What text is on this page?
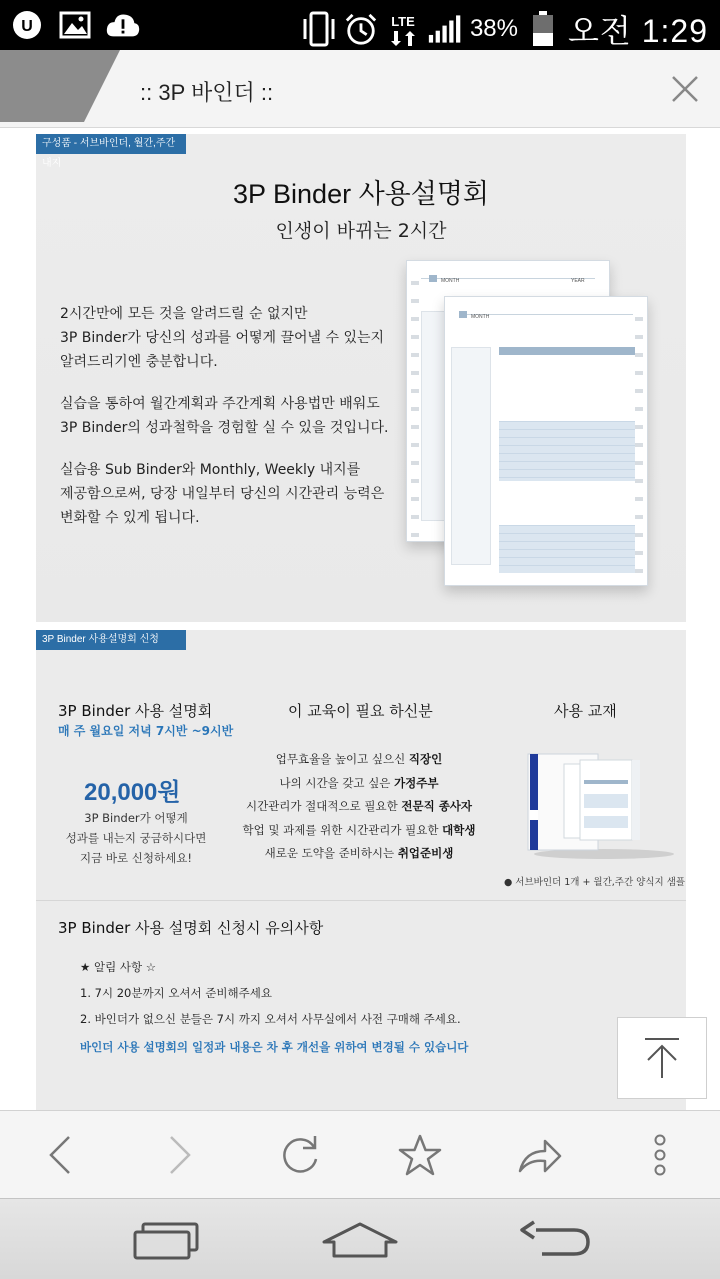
U	LTE 38% 오전 1:29
:: 3P 바인더 ::
구성품 - 서브바인더, 월간,주간 내지
3P Binder 사용설명회
인생이 바뀌는 2시간
2시간만에 모든 것을 알려드릴 순 없지만
3P Binder가 당신의 성과를 어떻게 끌어낼 수 있는지
알려드리기엔 충분합니다.
실습을 통하여 월간계획과 주간계획 사용법만 배워도
3P Binder의 성과철학을 경험할 실 수 있을 것입니다.
실습용 Sub Binder와 Monthly, Weekly 내지를
제공함으로써, 당장 내일부터 당신의 시간관리 능력은
변화할 수 있게 됩니다.
MONTH	YEAR
MONTH
MON	TUE	WED
3P Binder 사용설명회 신청
3P Binder 사용 설명회
매 주 월요일 저녁 7시반 ~9시반
20,000원
3P Binder가 어떻게
성과를 내는지 궁금하시다면
지금 바로 신청하세요!
이 교육이 필요 하신분
업무효율을 높이고 싶으신 직장인
나의 시간을 갖고 싶은 가정주부
시간관리가 절대적으로 필요한 전문직 종사자
학업 및 과제를 위한 시간관리가 필요한 대학생
새로운 도약을 준비하시는 취업준비생
사용 교재
● 서브바인더 1개 + 월간,주간 양식지 샘플
3P Binder 사용 설명회 신청시 유의사항
★ 알림 사항 ☆
1. 7시 20분까지 오셔서 준비해주세요
2. 바인더가 없으신 분들은 7시 까지 오셔서 사무실에서 사전 구매해 주세요.
바인더 사용 설명회의 일정과 내용은 차 후 개선을 위하여 변경될 수 있습니다
